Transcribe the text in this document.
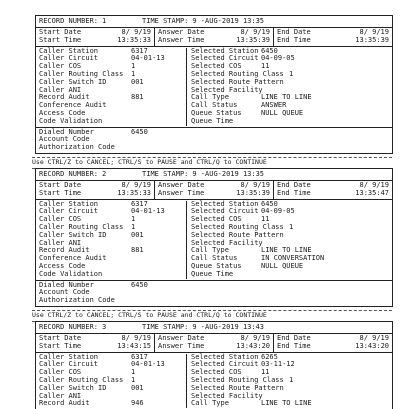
RECORD NUMBER: 1	TIME STAMP: 9 -AUG-2019 13:35
Start Date	8/ 9/19
Start Time	13:35:33
Answer Date	8/ 9/19
Answer Time	13:35:39
End Date	8/ 9/19
End Time	13:35:39
Caller Station	6317
Caller Circuit	04-01-13
Caller COS	1
Caller Routing Class	1
Caller Switch ID	001
Caller ANI
Record Audit	881
Conference Audit
Access Code
Code Validation
Selected Station 6450
Selected Circuit 04-09-05
Selected COS	11
Selected Routing Class 1
Selected Route Pattern
Selected Facility
Call Type	LINE TO LINE
Call Status	ANSWER
Queue Status	NULL QUEUE
Queue Time
Dialed Number	6450
Account Code
Authorization Code
Use CTRL/Z to CANCEL; CTRL/S to PAUSE and CTRL/Q to CONTINUE
RECORD NUMBER: 2	TIME STAMP: 9 -AUG-2019 13:35
Start Date	8/ 9/19
Start Time	13:35:33
Answer Date	8/ 9/19
Answer Time	13:35:39
End Date	8/ 9/19
End Time	13:35:47
Caller Station	6317
Caller Circuit	04-01-13
Caller COS	1
Caller Routing Class	1
Caller Switch ID	001
Caller ANI
Record Audit	881
Conference Audit
Access Code
Code Validation
Selected Station 6450
Selected Circuit 04-09-05
Selected COS	11
Selected Routing Class 1
Selected Route Pattern
Selected Facility
Call Type	LINE TO LINE
Call Status	IN CONVERSATION
Queue Status	NULL QUEUE
Queue Time
Dialed Number	6450
Account Code
Authorization Code
Use CTRL/Z to CANCEL; CTRL/S to PAUSE and CTRL/Q to CONTINUE
RECORD NUMBER: 3	TIME STAMP: 9 -AUG-2019 13:43
Start Date	8/ 9/19
Start Time	13:43:15
Answer Date	8/ 9/19
Answer Time	13:43:20
End Date	8/ 9/19
End Time	13:43:20
Caller Station	6317
Caller Circuit	04-01-13
Caller COS	1
Caller Routing Class	1
Caller Switch ID	001
Caller ANI
Record Audit	946
Selected Station 6265
Selected Circuit 03-11-12
Selected COS	11
Selected Routing Class 1
Selected Route Pattern
Selected Facility
Call Type	LINE TO LINE
